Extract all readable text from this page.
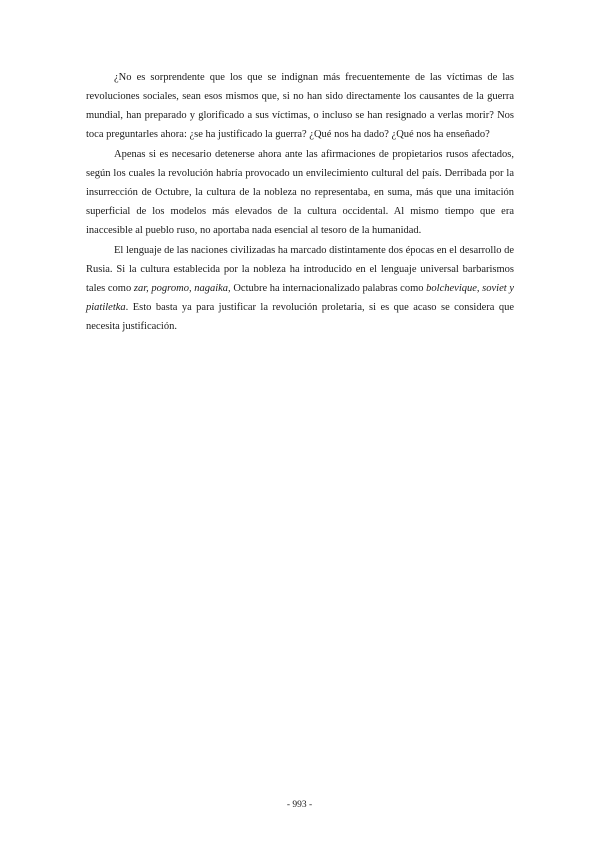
¿No es sorprendente que los que se indignan más frecuentemente de las víctimas de las revoluciones sociales, sean esos mismos que, si no han sido directamente los causantes de la guerra mundial, han preparado y glorificado a sus víctimas, o incluso se han resignado a verlas morir? Nos toca preguntarles ahora: ¿se ha justificado la guerra? ¿Qué nos ha dado? ¿Qué nos ha enseñado?

Apenas si es necesario detenerse ahora ante las afirmaciones de propietarios rusos afectados, según los cuales la revolución habría provocado un envilecimiento cultural del país. Derribada por la insurrección de Octubre, la cultura de la nobleza no representaba, en suma, más que una imitación superficial de los modelos más elevados de la cultura occidental. Al mismo tiempo que era inaccesible al pueblo ruso, no aportaba nada esencial al tesoro de la humanidad.

El lenguaje de las naciones civilizadas ha marcado distintamente dos épocas en el desarrollo de Rusia. Si la cultura establecida por la nobleza ha introducido en el lenguaje universal barbarismos tales como zar, pogromo, nagaika, Octubre ha internacionalizado palabras como bolchevique, soviet y piatiletka. Esto basta ya para justificar la revolución proletaria, si es que acaso se considera que necesita justificación.

- 993 -
